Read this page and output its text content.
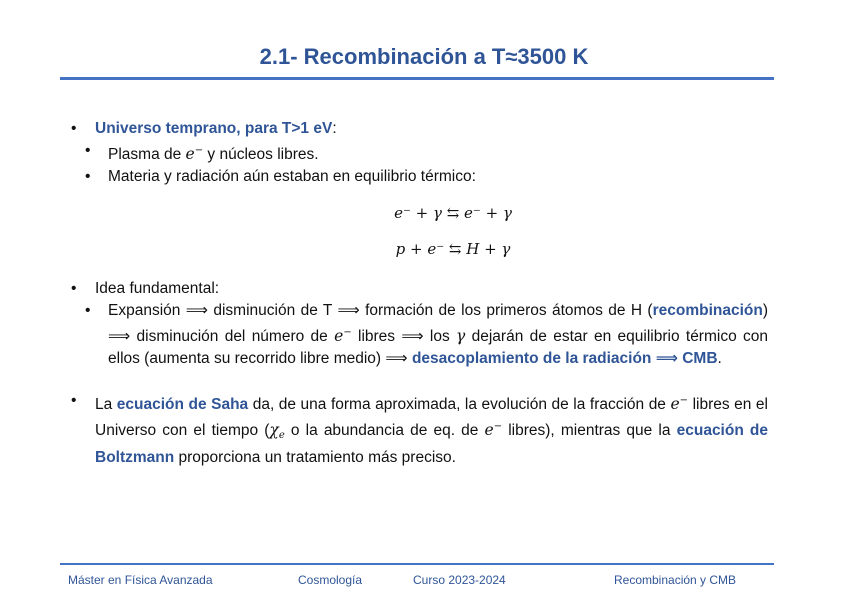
2.1- Recombinación a T≈3500 K
• Universo temprano, para T>1 eV:
• Plasma de e− y núcleos libres.
• Materia y radiación aún estaban en equilibrio térmico:
e⁻ + γ ⇆ e⁻ + γ
p + e⁻ ⇆ H + γ
• Idea fundamental:
• Expansión ⟹ disminución de T ⟹ formación de los primeros átomos de H (recombinación) ⟹ disminución del número de e− libres ⟹ los γ dejarán de estar en equilibrio térmico con ellos (aumenta su recorrido libre medio) ⟹ desacoplamiento de la radiación ⟹ CMB.
• La ecuación de Saha da, de una forma aproximada, la evolución de la fracción de e− libres en el Universo con el tiempo (χe o la abundancia de eq. de e− libres), mientras que la ecuación de Boltzmann proporciona un tratamiento más preciso.
Máster en Física Avanzada	Cosmología	Curso 2023-2024	Recombinación y CMB
